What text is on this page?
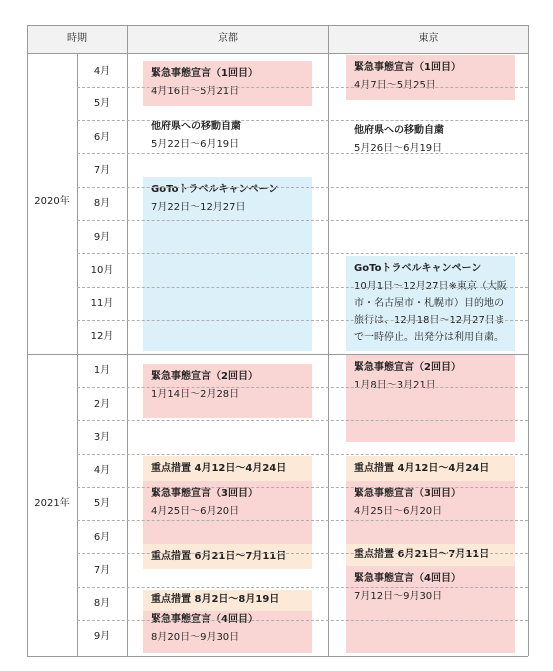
緊急事態宣言（1回目）
4月16日～5月21日
他府県への移動自粛
5月22日～6月19日
GoToトラベルキャンペーン
7月22日～12月27日
緊急事態宣言（2回目）
1月14日～2月28日
重点措置 4月12日～4月24日
緊急事態宣言（3回目）
4月25日～6月20日
重点措置 6月21日～7月11日
重点措置 8月2日～8月19日
緊急事態宣言（4回目）
8月20日～9月30日
緊急事態宣言（1回目）
4月7日～5月25日
他府県への移動自粛
5月26日～6月19日
GoToトラベルキャンペーン
10月1日～12月27日※東京（大阪市・名古屋市・札幌市）目的地の旅行は、12月18日～12月27日まで一時停止。出発分は利用自粛。
緊急事態宣言（2回目）
1月8日～3月21日
重点措置 4月12日～4月24日
緊急事態宣言（3回目）
4月25日～6月20日
重点措置 6月21日～7月11日
緊急事態宣言（4回目）
7月12日～9月30日
時期	京都	東京
2020年
2021年
4月
5月
6月
7月
8月
9月
10月
11月
12月
1月
2月
3月
4月
5月
6月
7月
8月
9月
